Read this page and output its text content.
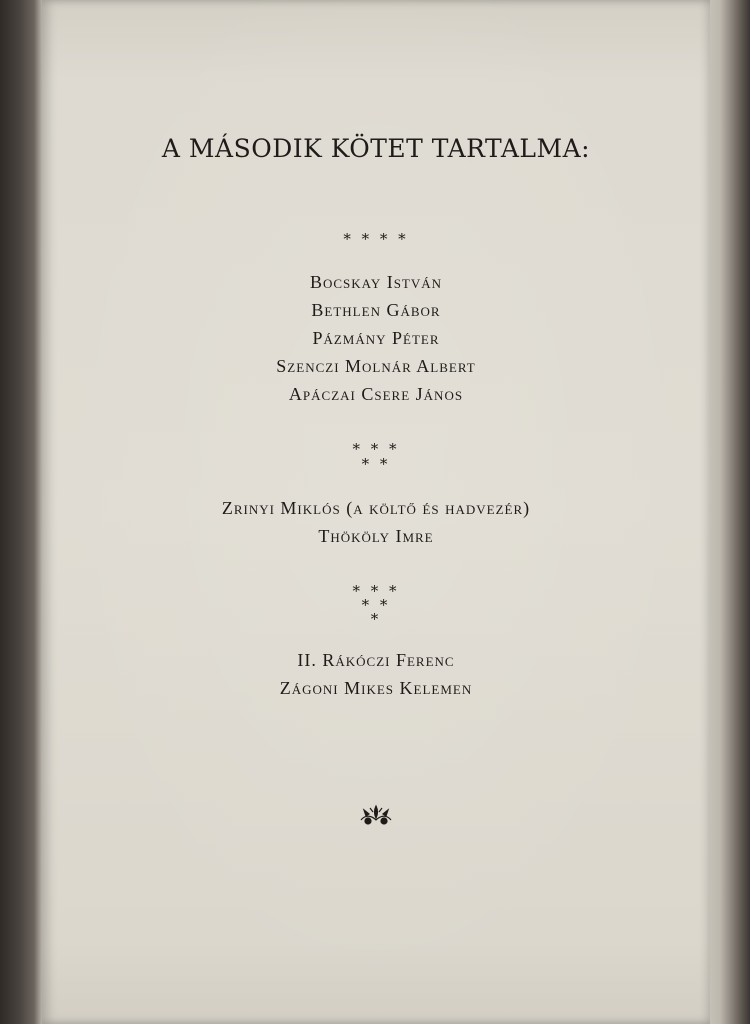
A MÁSODIK KÖTET TARTALMA:
* * * *
Bocskay István
Bethlen Gábor
Pázmány Péter
Szenczi Molnár Albert
Apáczai Csere János
* * *
* *
Zrinyi Miklós (a költő és hadvezér)
Thököly Imre
* * *
* *
*
II. Rákóczi Ferenc
Zágoni Mikes Kelemen
